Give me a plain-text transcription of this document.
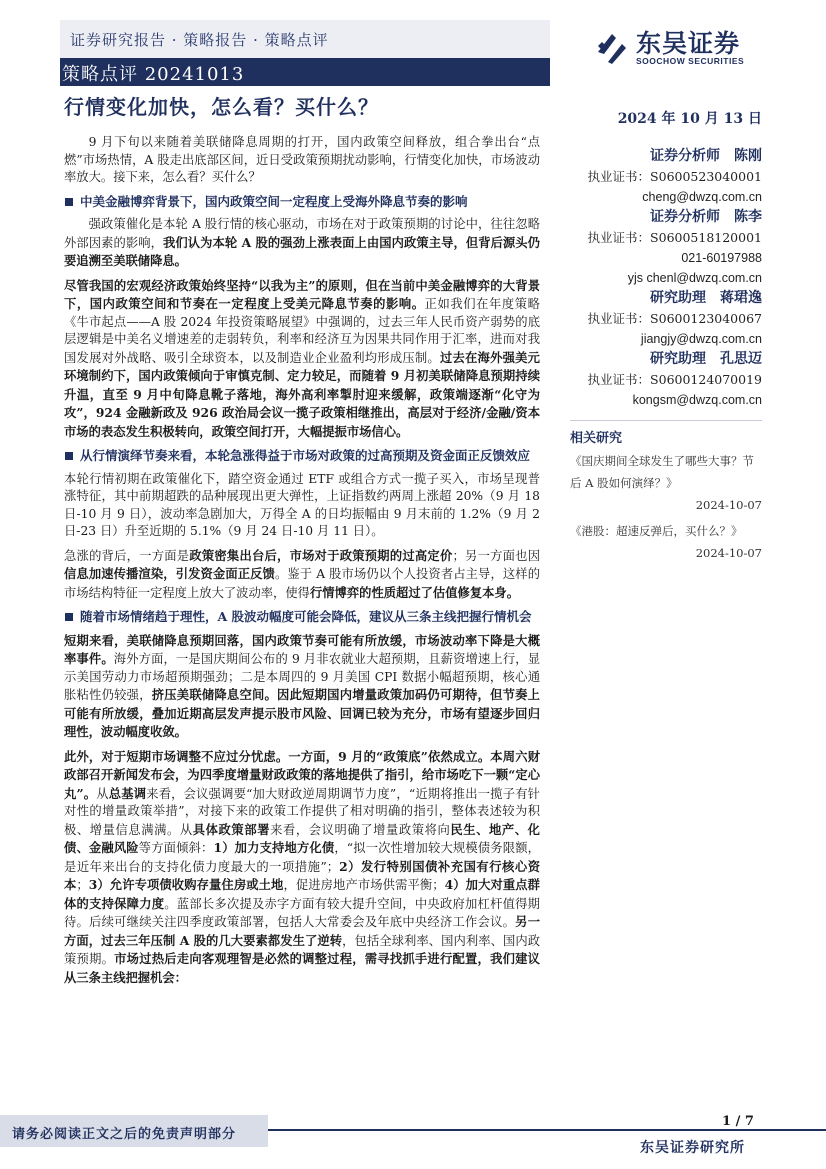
证券研究报告 · 策略报告 · 策略点评
策略点评 20241013
东吴证券
SOOCHOW SECURITIES
行情变化加快，怎么看？买什么？

9 月下旬以来随着美联储降息周期的打开，国内政策空间释放，组合拳出台“点燃”市场热情，A 股走出底部区间，近日受政策预期扰动影响，行情变化加快，市场波动率放大。接下来，怎么看？买什么？

中美金融博弈背景下，国内政策空间一定程度上受海外降息节奏的影响

强政策催化是本轮 A 股行情的核心驱动，市场在对于政策预期的讨论中，往往忽略外部因素的影响，我们认为本轮 A 股的强劲上涨表面上由国内政策主导，但背后源头仍要追溯至美联储降息。

尽管我国的宏观经济政策始终坚持“以我为主”的原则，但在当前中美金融博弈的大背景下，国内政策空间和节奏在一定程度上受美元降息节奏的影响。正如我们在年度策略《牛市起点——A 股 2024 年投资策略展望》中强调的，过去三年人民币资产弱势的底层逻辑是中美名义增速差的走弱转负，利率和经济互为因果共同作用于汇率，进而对我国发展对外战略、吸引全球资本，以及制造业企业盈利均形成压制。过去在海外强美元环境制约下，国内政策倾向于审慎克制、定力较足，而随着 9 月初美联储降息预期持续升温，直至 9 月中旬降息靴子落地，海外高利率掣肘迎来缓解，政策端逐渐“化守为攻”，924 金融新政及 926 政治局会议一揽子政策相继推出，高层对于经济/金融/资本市场的表态发生积极转向，政策空间打开，大幅提振市场信心。

从行情演绎节奏来看，本轮急涨得益于市场对政策的过高预期及资金面正反馈效应

本轮行情初期在政策催化下，踏空资金通过 ETF 或组合方式一揽子买入，市场呈现普涨特征，其中前期超跌的品种展现出更大弹性，上证指数约两周上涨超 20%（9 月 18 日-10 月 9 日），波动率急剧加大，万得全 A 的日均振幅由 9 月末前的 1.2%（9 月 2 日-23 日）升至近期的 5.1%（9 月 24 日-10 月 11 日）。

急涨的背后，一方面是政策密集出台后，市场对于政策预期的过高定价；另一方面也因信息加速传播渲染，引发资金面正反馈。鉴于 A 股市场仍以个人投资者占主导，这样的市场结构特征一定程度上放大了波动率，使得行情博弈的性质超过了估值修复本身。

随着市场情绪趋于理性，A 股波动幅度可能会降低，建议从三条主线把握行情机会

短期来看，美联储降息预期回落，国内政策节奏可能有所放缓，市场波动率下降是大概率事件。海外方面，一是国庆期间公布的 9 月非农就业大超预期，且薪资增速上行，显示美国劳动力市场超预期强劲；二是本周四的 9 月美国 CPI 数据小幅超预期，核心通胀粘性仍较强，挤压美联储降息空间。因此短期国内增量政策加码仍可期待，但节奏上可能有所放缓，叠加近期高层发声提示股市风险、回调已较为充分，市场有望逐步回归理性，波动幅度收敛。

此外，对于短期市场调整不应过分忧虑。一方面，9 月的“政策底”依然成立。本周六财政部召开新闻发布会，为四季度增量财政政策的落地提供了指引，给市场吃下一颗“定心丸”。从总基调来看，会议强调要“加大财政逆周期调节力度”，“近期将推出一揽子有针对性的增量政策举措”，对接下来的政策工作提供了相对明确的指引，整体表述较为积极、增量信息满满。从具体政策部署来看，会议明确了增量政策将向民生、地产、化债、金融风险等方面倾斜：1）加力支持地方化债，“拟一次性增加较大规模债务限额，是近年来出台的支持化债力度最大的一项措施”；2）发行特别国债补充国有行核心资本；3）允许专项债收购存量住房或土地，促进房地产市场供需平衡；4）加大对重点群体的支持保障力度。蓝部长多次提及赤字方面有较大提升空间，中央政府加杠杆值得期待。后续可继续关注四季度政策部署，包括人大常委会及年底中央经济工作会议。另一方面，过去三年压制 A 股的几大要素都发生了逆转，包括全球利率、国内利率、国内政策预期。市场过热后走向客观理智是必然的调整过程，需寻找抓手进行配置，我们建议从三条主线把握机会：

2024 年 10 月 13 日
证券分析师　陈刚
执业证书：S0600523040001
cheng@dwzq.com.cn
证券分析师　陈李
执业证书：S0600518120001
021-60197988
yjs chenl@dwzq.com.cn
研究助理　蒋珺逸
执业证书：S0600123040067
jiangjy@dwzq.com.cn
研究助理　孔思迈
执业证书：S0600124070019
kongsm@dwzq.com.cn
相关研究
《国庆期间全球发生了哪些大事？节后 A 股如何演绎？》
2024-10-07
《港股：超速反弹后，买什么？》
2024-10-07
1 / 7
请务必阅读正文之后的免责声明部分
东吴证券研究所
